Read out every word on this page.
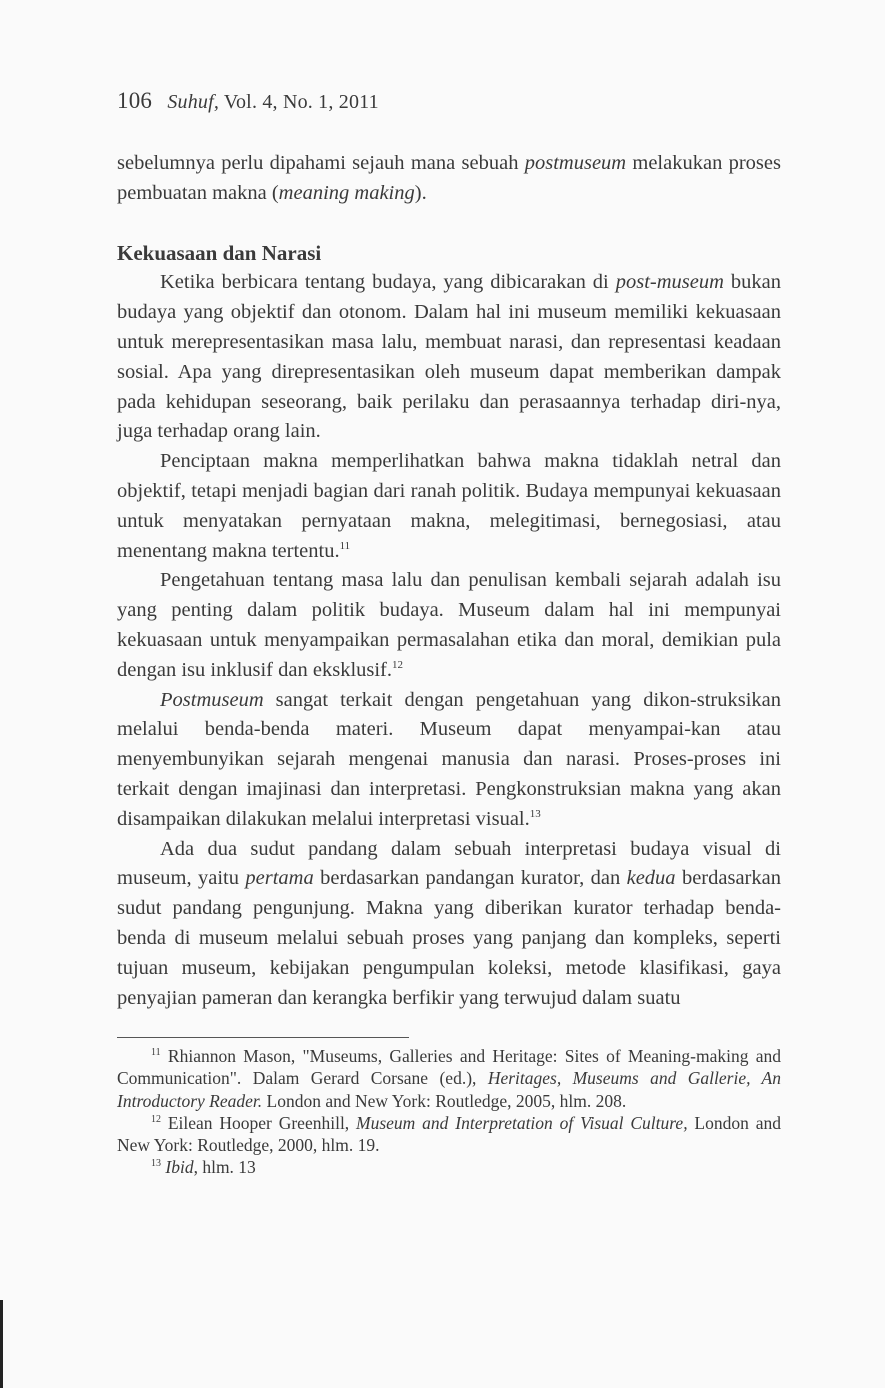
106 Suhuf, Vol. 4, No. 1, 2011

sebelumnya perlu dipahami sejauh mana sebuah postmuseum melakukan proses pembuatan makna (meaning making).

Kekuasaan dan Narasi

Ketika berbicara tentang budaya, yang dibicarakan di post-museum bukan budaya yang objektif dan otonom. Dalam hal ini museum memiliki kekuasaan untuk merepresentasikan masa lalu, membuat narasi, dan representasi keadaan sosial. Apa yang direpresentasikan oleh museum dapat memberikan dampak pada kehidupan seseorang, baik perilaku dan perasaannya terhadap diri-nya, juga terhadap orang lain.

Penciptaan makna memperlihatkan bahwa makna tidaklah netral dan objektif, tetapi menjadi bagian dari ranah politik. Budaya mempunyai kekuasaan untuk menyatakan pernyataan makna, melegitimasi, bernegosiasi, atau menentang makna tertentu.$^{11}$

Pengetahuan tentang masa lalu dan penulisan kembali sejarah adalah isu yang penting dalam politik budaya. Museum dalam hal ini mempunyai kekuasaan untuk menyampaikan permasalahan etika dan moral, demikian pula dengan isu inklusif dan eksklusif.$^{12}$

Postmuseum sangat terkait dengan pengetahuan yang dikon-struksikan melalui benda-benda materi. Museum dapat menyampai-kan atau menyembunyikan sejarah mengenai manusia dan narasi. Proses-proses ini terkait dengan imajinasi dan interpretasi. Pengkonstruksian makna yang akan disampaikan dilakukan melalui interpretasi visual.$^{13}$

Ada dua sudut pandang dalam sebuah interpretasi budaya visual di museum, yaitu pertama berdasarkan pandangan kurator, dan kedua berdasarkan sudut pandang pengunjung. Makna yang diberikan kurator terhadap benda-benda di museum melalui sebuah proses yang panjang dan kompleks, seperti tujuan museum, kebijakan pengumpulan koleksi, metode klasifikasi, gaya penyajian pameran dan kerangka berfikir yang terwujud dalam suatu

$^{11}$ Rhiannon Mason, "Museums, Galleries and Heritage: Sites of Meaning-making and Communication". Dalam Gerard Corsane (ed.), Heritages, Museums and Gallerie, An Introductory Reader. London and New York: Routledge, 2005, hlm. 208.

$^{12}$ Eilean Hooper Greenhill, Museum and Interpretation of Visual Culture, London and New York: Routledge, 2000, hlm. 19.

$^{13}$ Ibid, hlm. 13
